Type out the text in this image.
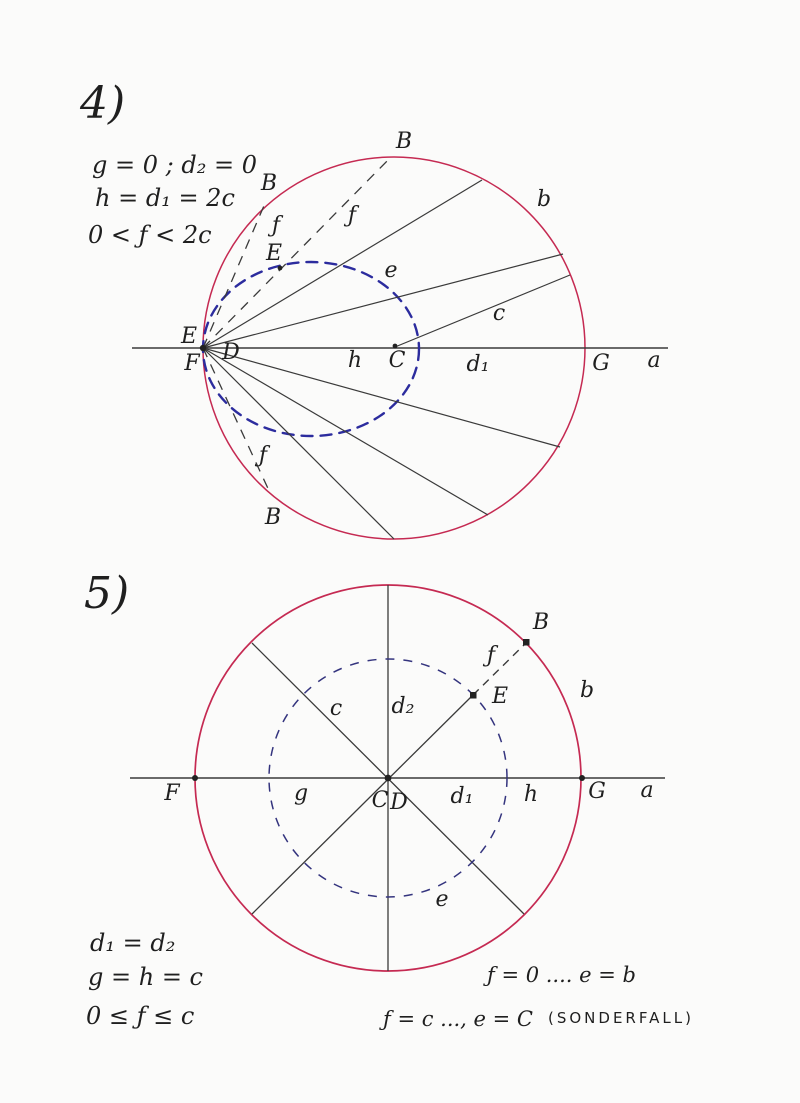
4)
g = 0 ; d₂ = 0
h = d₁ = 2c
0 < ƒ < 2c
B
B
B
ƒ	ƒ
ƒ
E
e
b
c
E
F D	h C	d₁	G a
5)
B
ƒ
E	b
c d₂
g	C D d₁ h G a
F
e
d₁ = d₂
g = h = c
0 ≤ ƒ ≤ c
ƒ = 0 .... e = b
ƒ = c ..., e = C (SONDERFALL)
